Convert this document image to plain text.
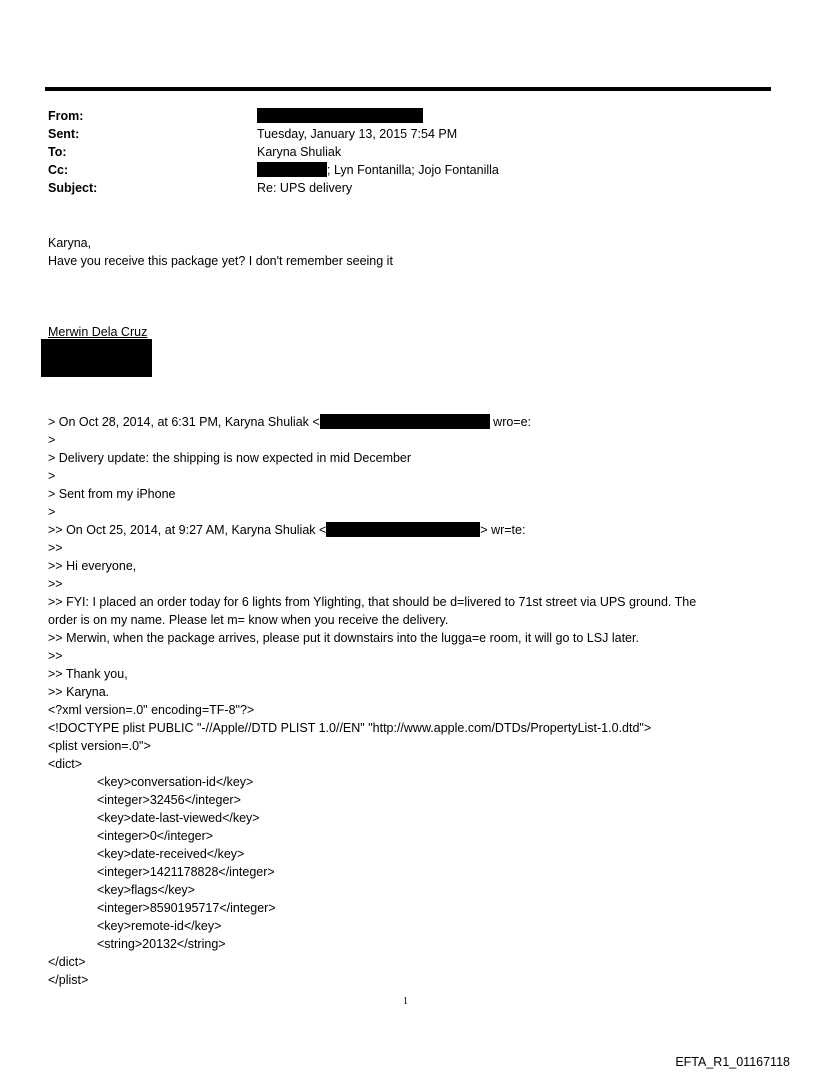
From:
Sent:	Tuesday, January 13, 2015 7:54 PM
To:	Karyna Shuliak
Cc:	; Lyn Fontanilla; Jojo Fontanilla
Subject:	Re: UPS delivery
Karyna,
Have you receive this package yet? I don't remember seeing it
Merwin Dela Cruz
> On Oct 28, 2014, at 6:31 PM, Karyna Shuliak <	wro=e:
>
> Delivery update: the shipping is now expected in mid December
>
> Sent from my iPhone
>
>> On Oct 25, 2014, at 9:27 AM, Karyna Shuliak <	> wr=te:
>>
>> Hi everyone,
>>
>> FYI: I placed an order today for 6 lights from Ylighting, that should be d=livered to 71st street via UPS ground. The
order is on my name. Please let m= know when you receive the delivery.
>> Merwin, when the package arrives, please put it downstairs into the lugga=e room, it will go to LSJ later.
>>
>> Thank you,
>> Karyna.
<?xml version=.0" encoding=TF-8"?>
<!DOCTYPE plist PUBLIC "-//Apple//DTD PLIST 1.0//EN" "http://www.apple.com/DTDs/PropertyList-1.0.dtd">
<plist version=.0">
<dict>
<key>conversation-id</key>
<integer>32456</integer>
<key>date-last-viewed</key>
<integer>0</integer>
<key>date-received</key>
<integer>1421178828</integer>
<key>flags</key>
<integer>8590195717</integer>
<key>remote-id</key>
<string>20132</string>
</dict>
</plist>
1
EFTA_R1_01167118
